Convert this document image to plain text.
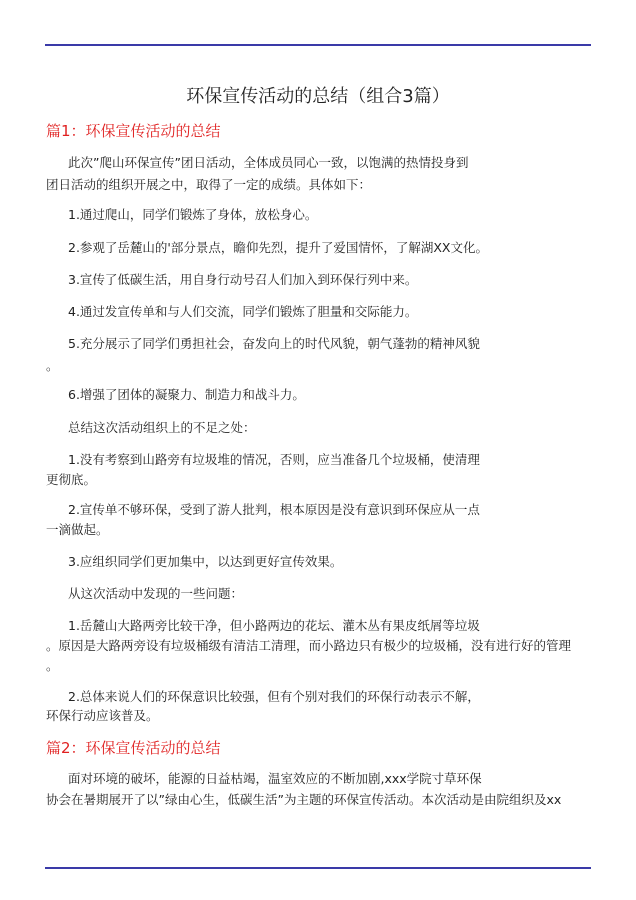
环保宣传活动的总结（组合3篇）
篇1：环保宣传活动的总结
此次”爬山环保宣传”团日活动，全体成员同心一致，以饱满的热情投身到
团日活动的组织开展之中，取得了一定的成绩。具体如下：
1.通过爬山，同学们锻炼了身体，放松身心。
2.参观了岳麓山的'部分景点，瞻仰先烈，提升了爱国情怀，了解湖XX文化。
3.宣传了低碳生活，用自身行动号召人们加入到环保行列中来。
4.通过发宣传单和与人们交流，同学们锻炼了胆量和交际能力。
5.充分展示了同学们勇担社会，奋发向上的时代风貌，朝气蓬勃的精神风貌
。
6.增强了团体的凝聚力、制造力和战斗力。
总结这次活动组织上的不足之处：
1.没有考察到山路旁有垃圾堆的情况，否则，应当准备几个垃圾桶，使清理
更彻底。
2.宣传单不够环保，受到了游人批判，根本原因是没有意识到环保应从一点
一滴做起。
3.应组织同学们更加集中，以达到更好宣传效果。
从这次活动中发现的一些问题：
1.岳麓山大路两旁比较干净，但小路两边的花坛、灌木丛有果皮纸屑等垃圾
。原因是大路两旁设有垃圾桶级有清洁工清理，而小路边只有极少的垃圾桶，没有进行好的管理
。
2.总体来说人们的环保意识比较强，但有个别对我们的环保行动表示不解，
环保行动应该普及。
篇2：环保宣传活动的总结
面对环境的破坏，能源的日益枯竭，温室效应的不断加剧,xxx学院寸草环保
协会在暑期展开了以”绿由心生，低碳生活”为主题的环保宣传活动。本次活动是由院组织及xx
